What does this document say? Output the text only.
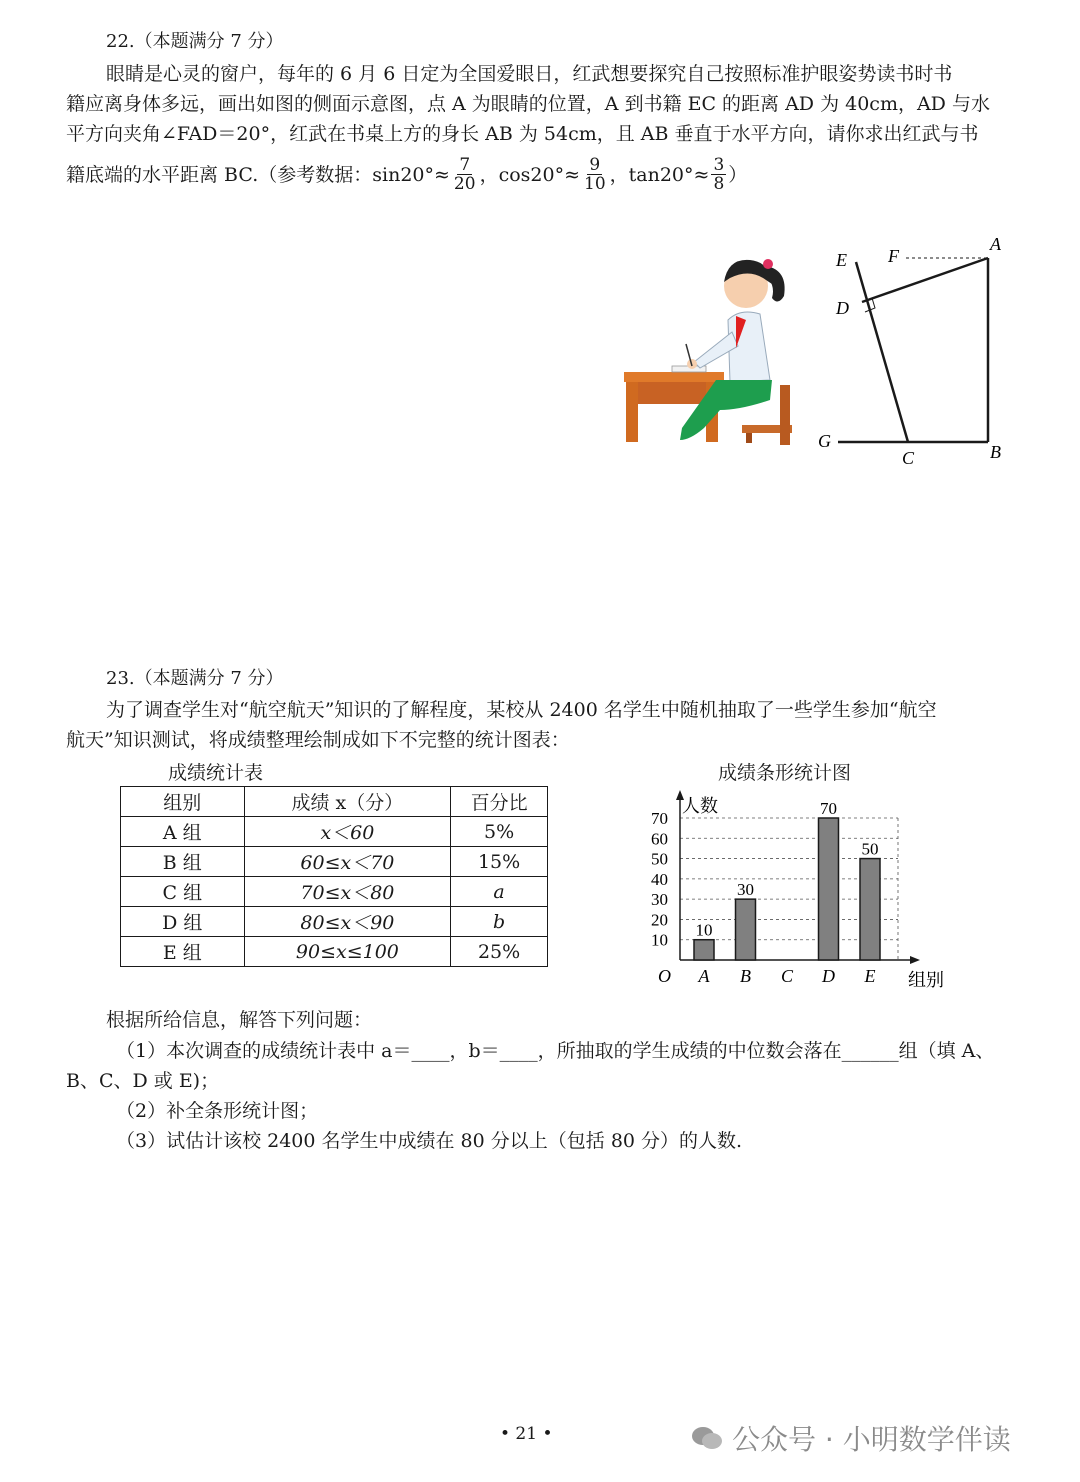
22.（本题满分 7 分）
眼睛是心灵的窗户，每年的 6 月 6 日定为全国爱眼日，红武想要探究自己按照标准护眼姿势读书时书
籍应离身体多远，画出如图的侧面示意图，点 A 为眼睛的位置，A 到书籍 EC 的距离 AD 为 40cm，AD 与水
平方向夹角∠FAD＝20°，红武在书桌上方的身长 AB 为 54cm，且 AB 垂直于水平方向，请你求出红武与书
籍底端的水平距离 BC.（参考数据：$\sin 20^\circ\approx \frac{7}{20}$ ，$\cos 20^\circ\approx \frac{9}{10}$ ，$\tan 20^\circ\approx \frac{3}{8}$ ）
E F
A
D
G
C	B
23.（本题满分 7 分）
为了调查学生对“航空航天”知识的了解程度，某校从 2400 名学生中随机抽取了一些学生参加“航空
航天”知识测试，将成绩整理绘制成如下不完整的统计图表：
成绩统计表
组别	成绩 x（分）	百分比
A 组	x＜60	5%
B 组	60≤x＜70	15%
C 组	70≤x＜80	a
D 组	80≤x＜90	b
E 组	90≤x≤100	25%
成绩条形统计图
10
20
30
40
50
60
70
人数
组别
O A
10
B
30
C D
70
E
50
根据所给信息，解答下列问题：
（1）本次调查的成绩统计表中 a＝____，b＝____，所抽取的学生成绩的中位数会落在______组（填 A、
B、C、D 或 E)；
（2）补全条形统计图；
（3）试估计该校 2400 名学生中成绩在 80 分以上（包括 80 分）的人数.
• 21 •	公众号 · 小明数学伴读
